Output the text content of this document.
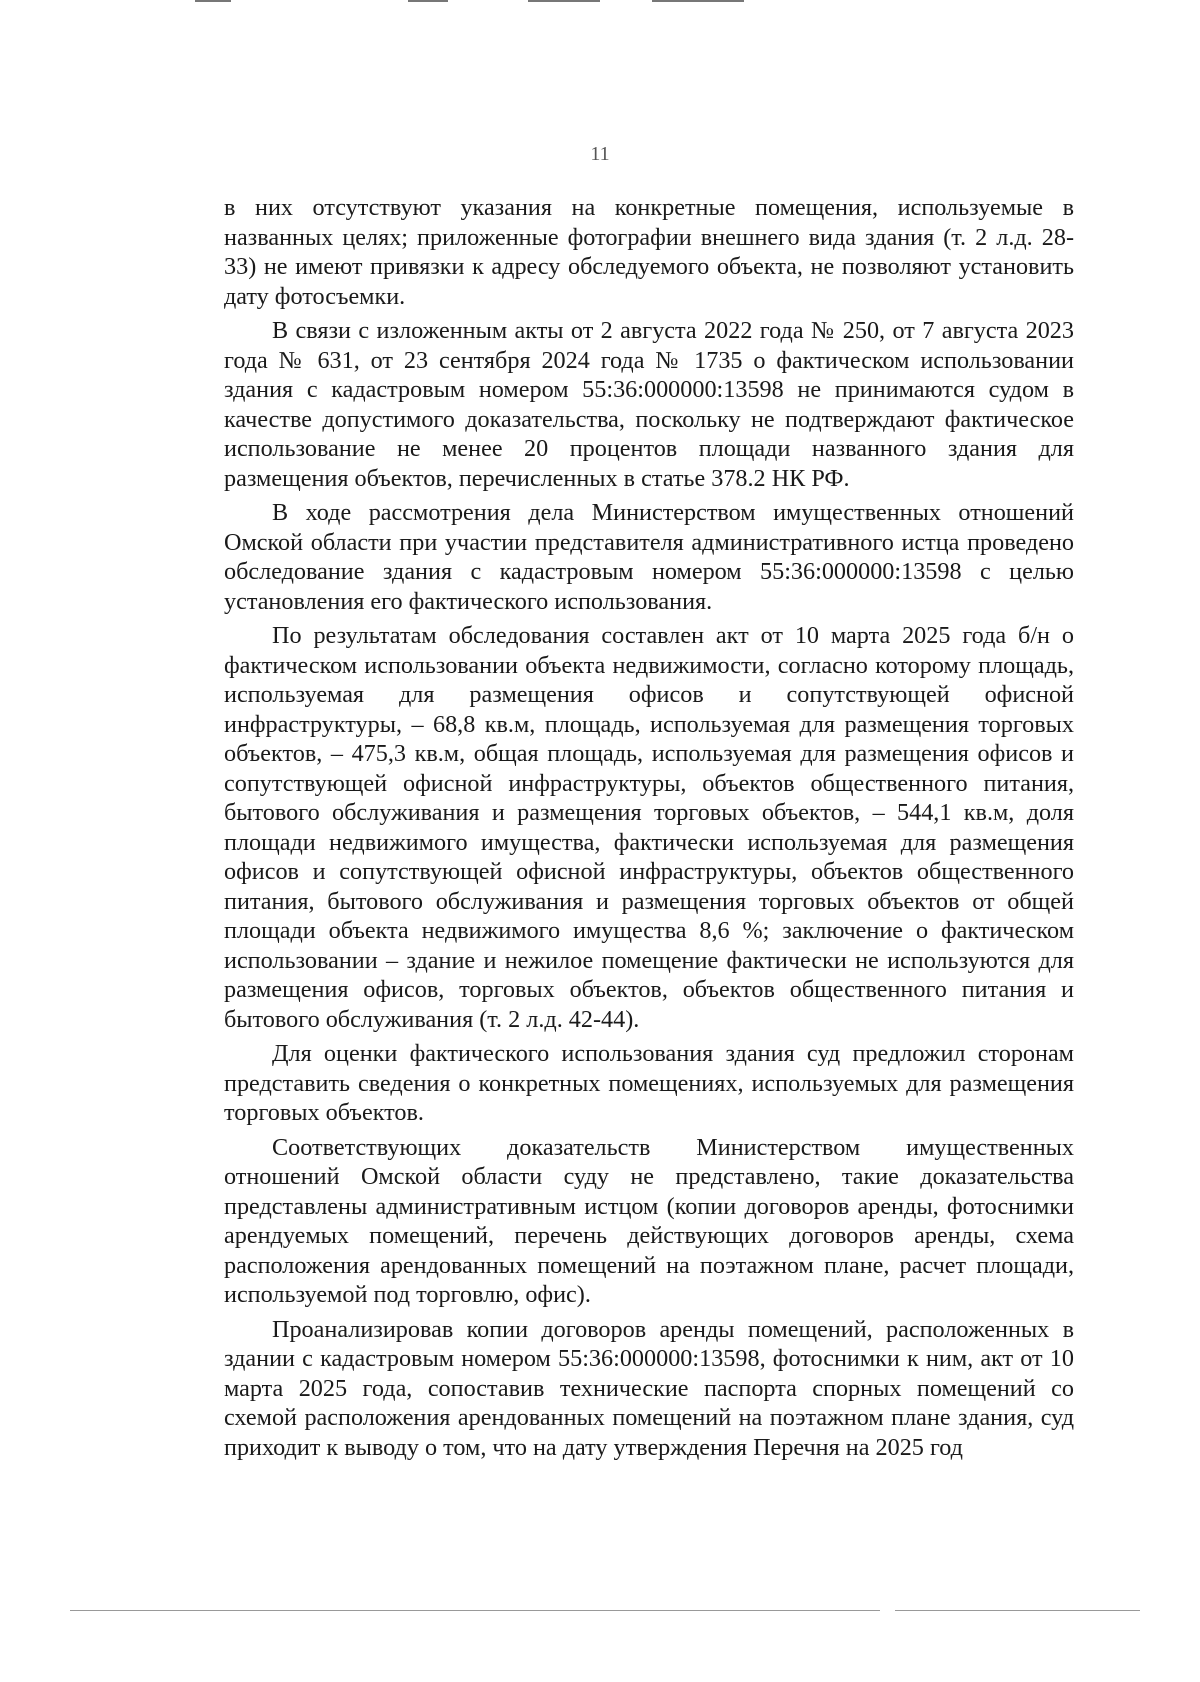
11

в них отсутствуют указания на конкретные помещения, используемые в названных целях; приложенные фотографии внешнего вида здания (т. 2 л.д. 28-33) не имеют привязки к адресу обследуемого объекта, не позволяют установить дату фотосъемки.

В связи с изложенным акты от 2 августа 2022 года № 250, от 7 августа 2023 года № 631, от 23 сентября 2024 года № 1735 о фактическом использовании здания с кадастровым номером 55:36:000000:13598 не принимаются судом в качестве допустимого доказательства, поскольку не подтверждают фактическое использование не менее 20 процентов площади названного здания для размещения объектов, перечисленных в статье 378.2 НК РФ.

В ходе рассмотрения дела Министерством имущественных отношений Омской области при участии представителя административного истца проведено обследование здания с кадастровым номером 55:36:000000:13598 с целью установления его фактического использования.

По результатам обследования составлен акт от 10 марта 2025 года б/н о фактическом использовании объекта недвижимости, согласно которому площадь, используемая для размещения офисов и сопутствующей офисной инфраструктуры, – 68,8 кв.м, площадь, используемая для размещения торговых объектов, – 475,3 кв.м, общая площадь, используемая для размещения офисов и сопутствующей офисной инфраструктуры, объектов общественного питания, бытового обслуживания и размещения торговых объектов, – 544,1 кв.м, доля площади недвижимого имущества, фактически используемая для размещения офисов и сопутствующей офисной инфраструктуры, объектов общественного питания, бытового обслуживания и размещения торговых объектов от общей площади объекта недвижимого имущества 8,6 %; заключение о фактическом использовании – здание и нежилое помещение фактически не используются для размещения офисов, торговых объектов, объектов общественного питания и бытового обслуживания (т. 2 л.д. 42-44).

Для оценки фактического использования здания суд предложил сторонам представить сведения о конкретных помещениях, используемых для размещения торговых объектов.

Соответствующих доказательств Министерством имущественных отношений Омской области суду не представлено, такие доказательства представлены административным истцом (копии договоров аренды, фотоснимки арендуемых помещений, перечень действующих договоров аренды, схема расположения арендованных помещений на поэтажном плане, расчет площади, используемой под торговлю, офис).

Проанализировав копии договоров аренды помещений, расположенных в здании с кадастровым номером 55:36:000000:13598, фотоснимки к ним, акт от 10 марта 2025 года, сопоставив технические паспорта спорных помещений со схемой расположения арендованных помещений на поэтажном плане здания, суд приходит к выводу о том, что на дату утверждения Перечня на 2025 год
